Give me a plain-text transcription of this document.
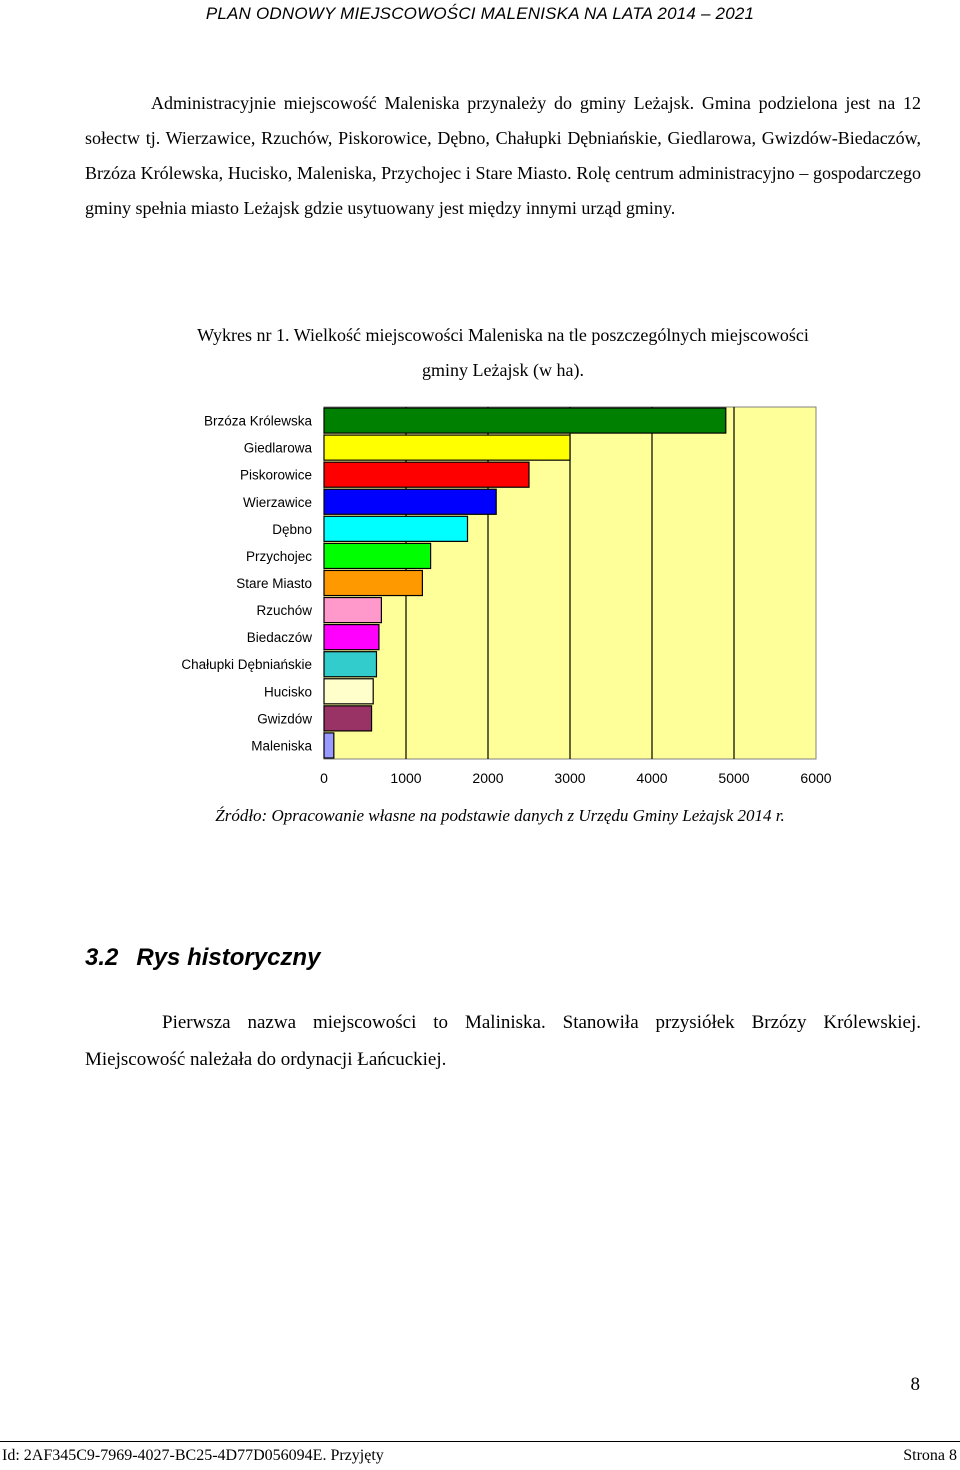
PLAN ODNOWY MIEJSCOWOŚCI MALENISKA NA LATA 2014 – 2021

Administracyjnie miejscowość Maleniska przynależy do gminy Leżajsk. Gmina podzielona jest na 12 sołectw tj. Wierzawice, Rzuchów, Piskorowice, Dębno, Chałupki Dębniańskie, Giedlarowa, Gwizdów-Biedaczów, Brzóza Królewska, Hucisko, Maleniska, Przychojec i Stare Miasto. Rolę centrum administracyjno – gospodarczego gminy spełnia miasto Leżajsk gdzie usytuowany jest między innymi urząd gminy.

Wykres nr 1. Wielkość miejscowości Maleniska na tle poszczególnych miejscowości

gminy Leżajsk (w ha).

Brzóza Królewska
Giedlarowa
Piskorowice
Wierzawice
Dębno
Przychojec
Stare Miasto
Rzuchów
Biedaczów
Chałupki Dębniańskie
Hucisko
Gwizdów
Maleniska
0	1000	2000	3000	4000	5000	6000

Źródło: Opracowanie własne na podstawie danych z Urzędu Gminy Leżajsk 2014 r.

3.2 Rys historyczny

Pierwsza nazwa miejscowości to Maliniska. Stanowiła przysiółek Brzózy Królewskiej. Miejscowość należała do ordynacji Łańcuckiej.

8
Id: 2AF345C9-7969-4027-BC25-4D77D056094E. Przyjęty	Strona 8
